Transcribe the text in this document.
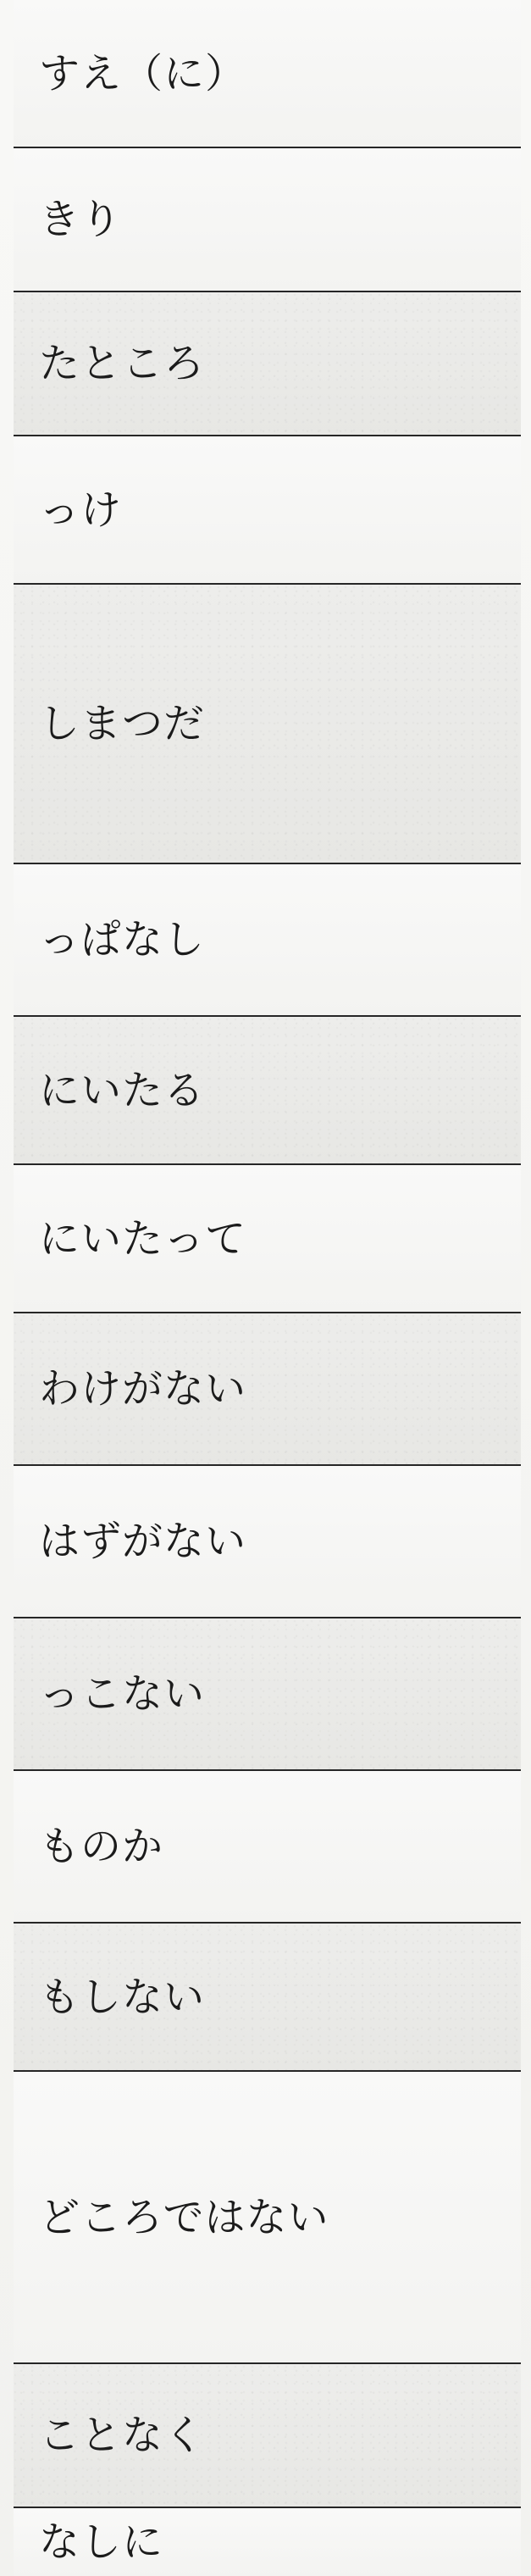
すえ（に）
きり
たところ
っけ
しまつだ
っぱなし
にいたる
にいたって
わけがない
はずがない
っこない
ものか
もしない
どころではない
ことなく
なしに
